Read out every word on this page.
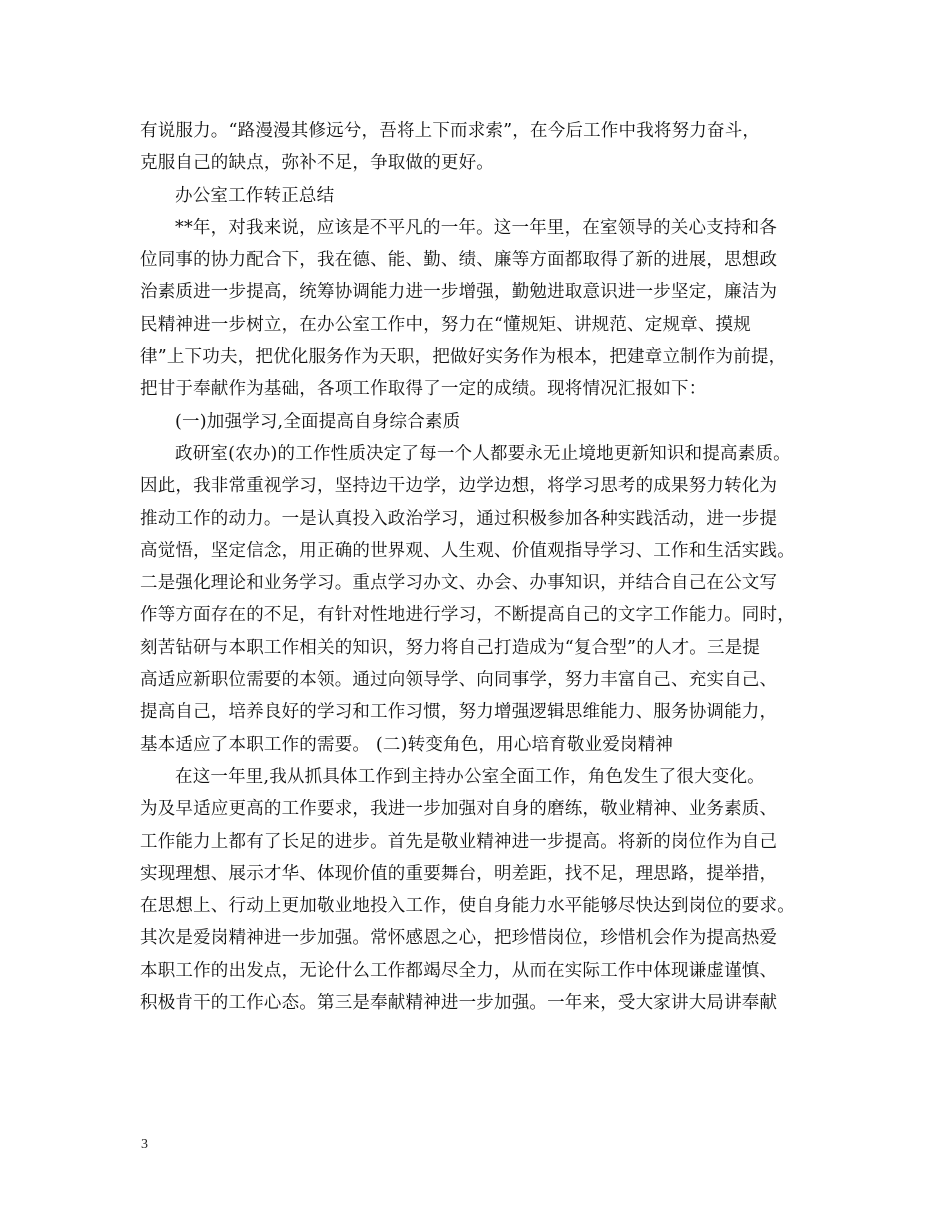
有说服力。“路漫漫其修远兮，吾将上下而求索”，在今后工作中我将努力奋斗，
克服自己的缺点，弥补不足，争取做的更好。
办公室工作转正总结
**年，对我来说，应该是不平凡的一年。这一年里，在室领导的关心支持和各
位同事的协力配合下，我在德、能、勤、绩、廉等方面都取得了新的进展，思想政
治素质进一步提高，统筹协调能力进一步增强，勤勉进取意识进一步坚定，廉洁为
民精神进一步树立，在办公室工作中，努力在“懂规矩、讲规范、定规章、摸规
律”上下功夫，把优化服务作为天职，把做好实务作为根本，把建章立制作为前提，
把甘于奉献作为基础，各项工作取得了一定的成绩。现将情况汇报如下：
(一)加强学习,全面提高自身综合素质
政研室(农办)的工作性质决定了每一个人都要永无止境地更新知识和提高素质。
因此，我非常重视学习，坚持边干边学，边学边想，将学习思考的成果努力转化为
推动工作的动力。一是认真投入政治学习，通过积极参加各种实践活动，进一步提
高觉悟，坚定信念，用正确的世界观、人生观、价值观指导学习、工作和生活实践。
二是强化理论和业务学习。重点学习办文、办会、办事知识，并结合自己在公文写
作等方面存在的不足，有针对性地进行学习，不断提高自己的文字工作能力。同时，
刻苦钻研与本职工作相关的知识，努力将自己打造成为“复合型”的人才。三是提
高适应新职位需要的本领。通过向领导学、向同事学，努力丰富自己、充实自己、
提高自己，培养良好的学习和工作习惯，努力增强逻辑思维能力、服务协调能力，
基本适应了本职工作的需要。 (二)转变角色，用心培育敬业爱岗精神
在这一年里,我从抓具体工作到主持办公室全面工作，角色发生了很大变化。
为及早适应更高的工作要求，我进一步加强对自身的磨练，敬业精神、业务素质、
工作能力上都有了长足的进步。首先是敬业精神进一步提高。将新的岗位作为自己
实现理想、展示才华、体现价值的重要舞台，明差距，找不足，理思路，提举措，
在思想上、行动上更加敬业地投入工作，使自身能力水平能够尽快达到岗位的要求。
其次是爱岗精神进一步加强。常怀感恩之心，把珍惜岗位，珍惜机会作为提高热爱
本职工作的出发点，无论什么工作都竭尽全力，从而在实际工作中体现谦虚谨慎、
积极肯干的工作心态。第三是奉献精神进一步加强。一年来，受大家讲大局讲奉献
3
